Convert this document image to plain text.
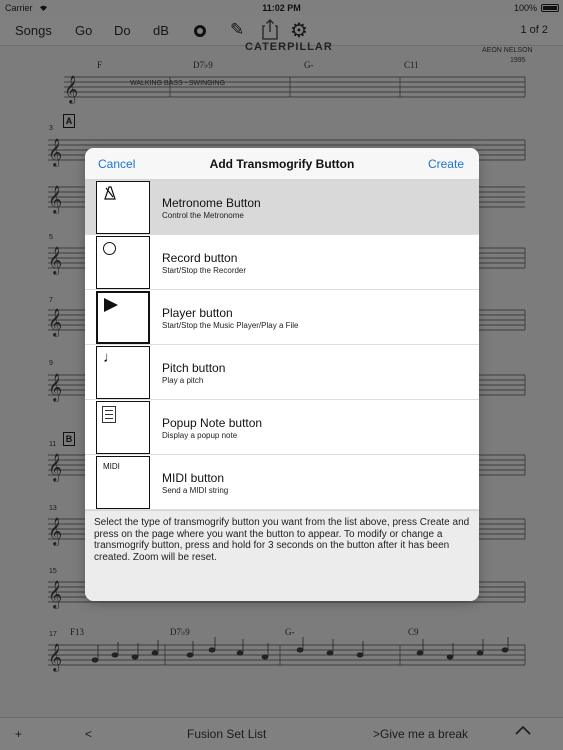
Carrier	11:02 PM	100%
Songs Go Do dB	✎ ⚙	1 of 2
𝄞
𝄞
𝄞
𝄞
𝄞
𝄞
𝄞
𝄞
𝄞
𝄞
CATERPILLAR	AEON NELSON
1995
WALKING BASS - SWINGING
F	D7♭9	G-	C11
F13	D7♭9	G-	C9
3
5
7
9
11
13
15
17
A
B
Cancel	Add Transmogrify Button	Create
Metronome Button
Control the Metronome
Record button
Start/Stop the Recorder
Player button
Start/Stop the Music Player/Play a File
♩
Pitch button
Play a pitch
Popup Note button
Display a popup note
MIDI
MIDI button
Send a MIDI string
Select the type of transmogrify button you want from the list above, press Create and press on the page where you want the button to appear. To modify or change a transmogrify button, press and hold for 3 seconds on the button after it has been created. Zoom will be reset.
+	<	Fusion Set List	>Give me a break
